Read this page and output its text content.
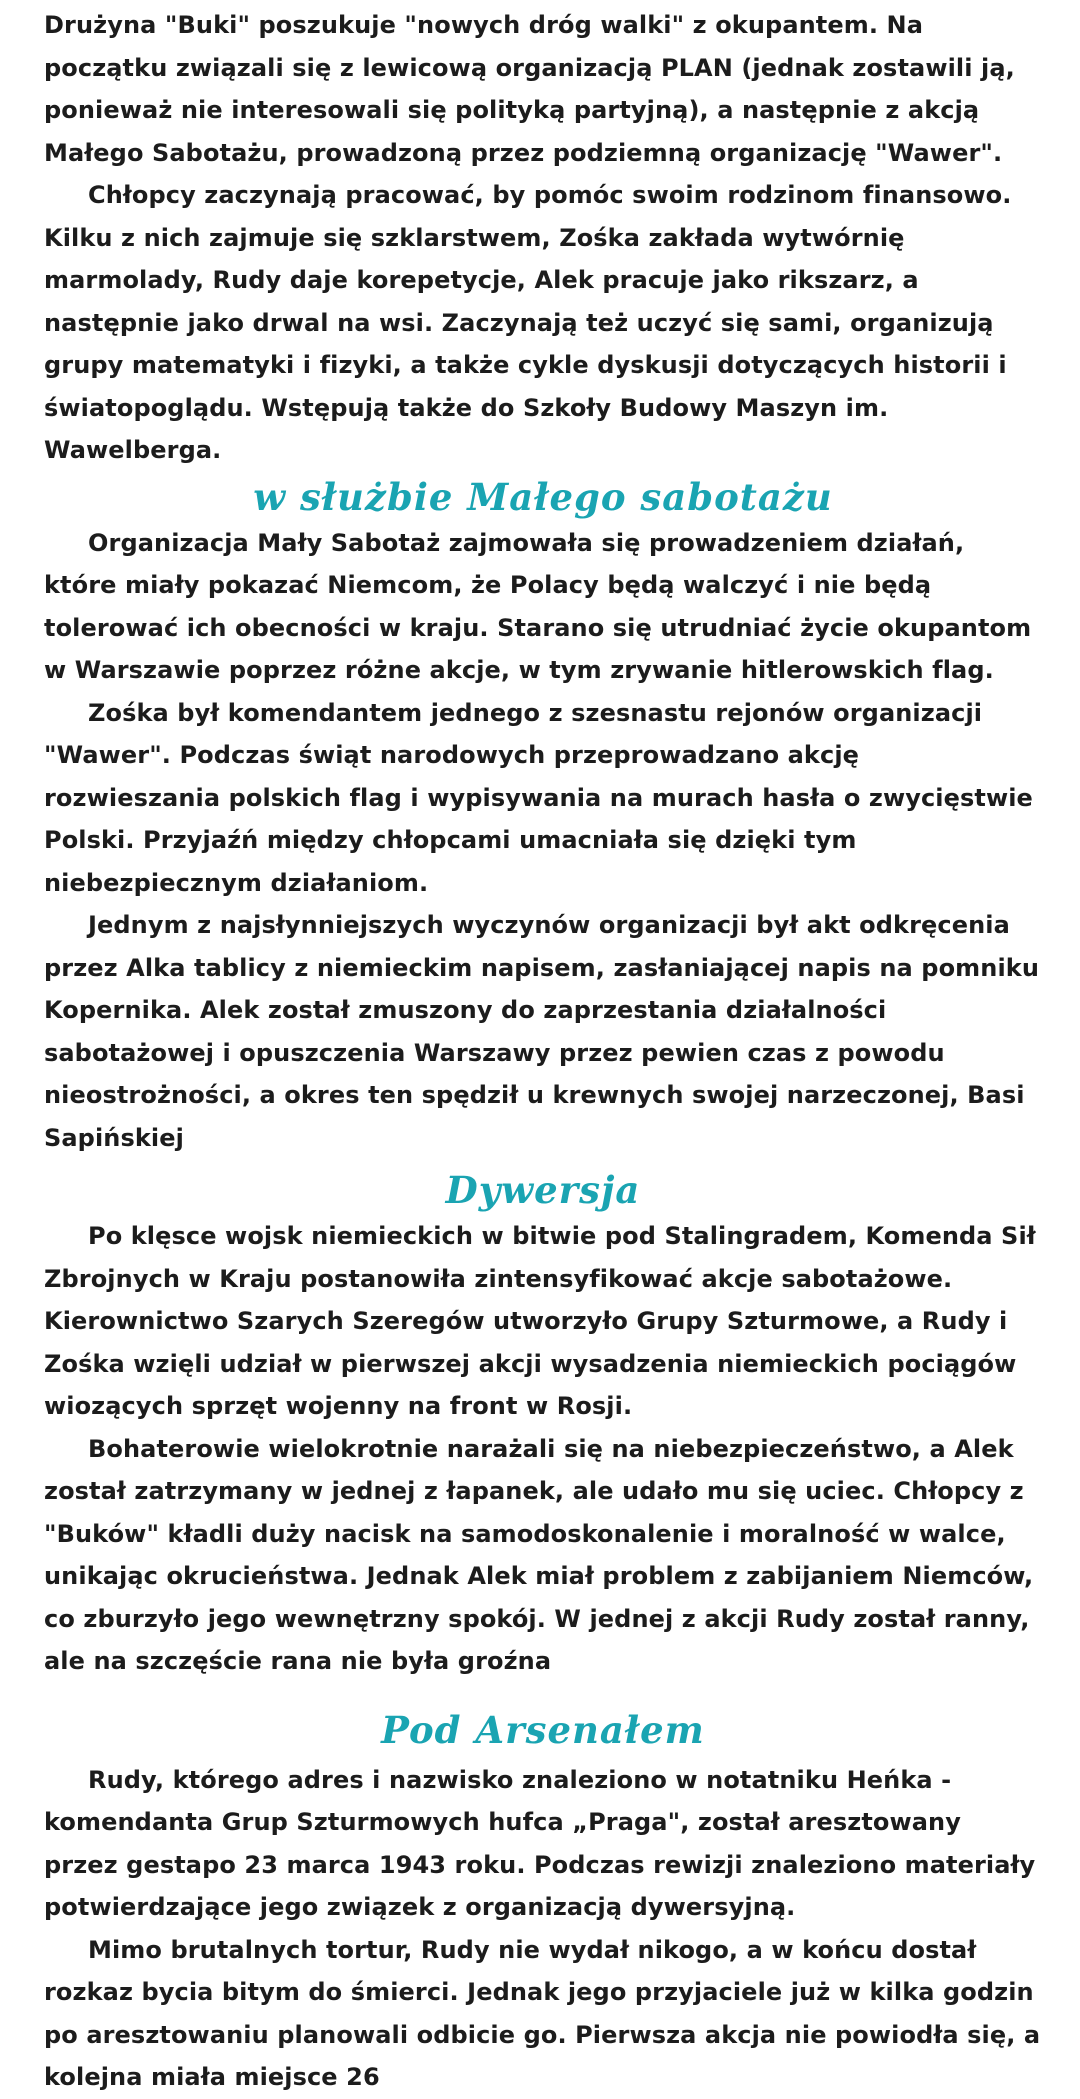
Drużyna "Buki" poszukuje "nowych dróg walki" z okupantem. Na początku związali się z lewicową organizacją PLAN (jednak zostawili ją, ponieważ nie interesowali się polityką partyjną), a następnie z akcją Małego Sabotażu, prowadzoną przez podziemną organizację "Wawer".

Chłopcy zaczynają pracować, by pomóc swoim rodzinom finansowo. Kilku z nich zajmuje się szklarstwem, Zośka zakłada wytwórnię marmolady, Rudy daje korepetycje, Alek pracuje jako rikszarz, a następnie jako drwal na wsi. Zaczynają też uczyć się sami, organizują grupy matematyki i fizyki, a także cykle dyskusji dotyczących historii i światopoglądu. Wstępują także do Szkoły Budowy Maszyn im. Wawelberga.

w służbie Małego sabotażu

Organizacja Mały Sabotaż zajmowała się prowadzeniem działań, które miały pokazać Niemcom, że Polacy będą walczyć i nie będą tolerować ich obecności w kraju. Starano się utrudniać życie okupantom w Warszawie poprzez różne akcje, w tym zrywanie hitlerowskich flag.

Zośka był komendantem jednego z szesnastu rejonów organizacji "Wawer". Podczas świąt narodowych przeprowadzano akcję rozwieszania polskich flag i wypisywania na murach hasła o zwycięstwie Polski. Przyjaźń między chłopcami umacniała się dzięki tym niebezpiecznym działaniom.

Jednym z najsłynniejszych wyczynów organizacji był akt odkręcenia przez Alka tablicy z niemieckim napisem, zasłaniającej napis na pomniku Kopernika. Alek został zmuszony do zaprzestania działalności sabotażowej i opuszczenia Warszawy przez pewien czas z powodu nieostrożności, a okres ten spędził u krewnych swojej narzeczonej, Basi Sapińskiej

Dywersja

Po klęsce wojsk niemieckich w bitwie pod Stalingradem, Komenda Sił Zbrojnych w Kraju postanowiła zintensyfikować akcje sabotażowe. Kierownictwo Szarych Szeregów utworzyło Grupy Szturmowe, a Rudy i Zośka wzięli udział w pierwszej akcji wysadzenia niemieckich pociągów wiozących sprzęt wojenny na front w Rosji.

Bohaterowie wielokrotnie narażali się na niebezpieczeństwo, a Alek został zatrzymany w jednej z łapanek, ale udało mu się uciec. Chłopcy z "Buków" kładli duży nacisk na samodoskonalenie i moralność w walce, unikając okrucieństwa. Jednak Alek miał problem z zabijaniem Niemców, co zburzyło jego wewnętrzny spokój. W jednej z akcji Rudy został ranny, ale na szczęście rana nie była groźna

Pod Arsenałem

Rudy, którego adres i nazwisko znaleziono w notatniku Heńka - komendanta Grup Szturmowych hufca „Praga", został aresztowany przez gestapo 23 marca 1943 roku. Podczas rewizji znaleziono materiały potwierdzające jego związek z organizacją dywersyjną.

Mimo brutalnych tortur, Rudy nie wydał nikogo, a w końcu dostał rozkaz bycia bitym do śmierci. Jednak jego przyjaciele już w kilka godzin po aresztowaniu planowali odbicie go. Pierwsza akcja nie powiodła się, a kolejna miała miejsce 26
